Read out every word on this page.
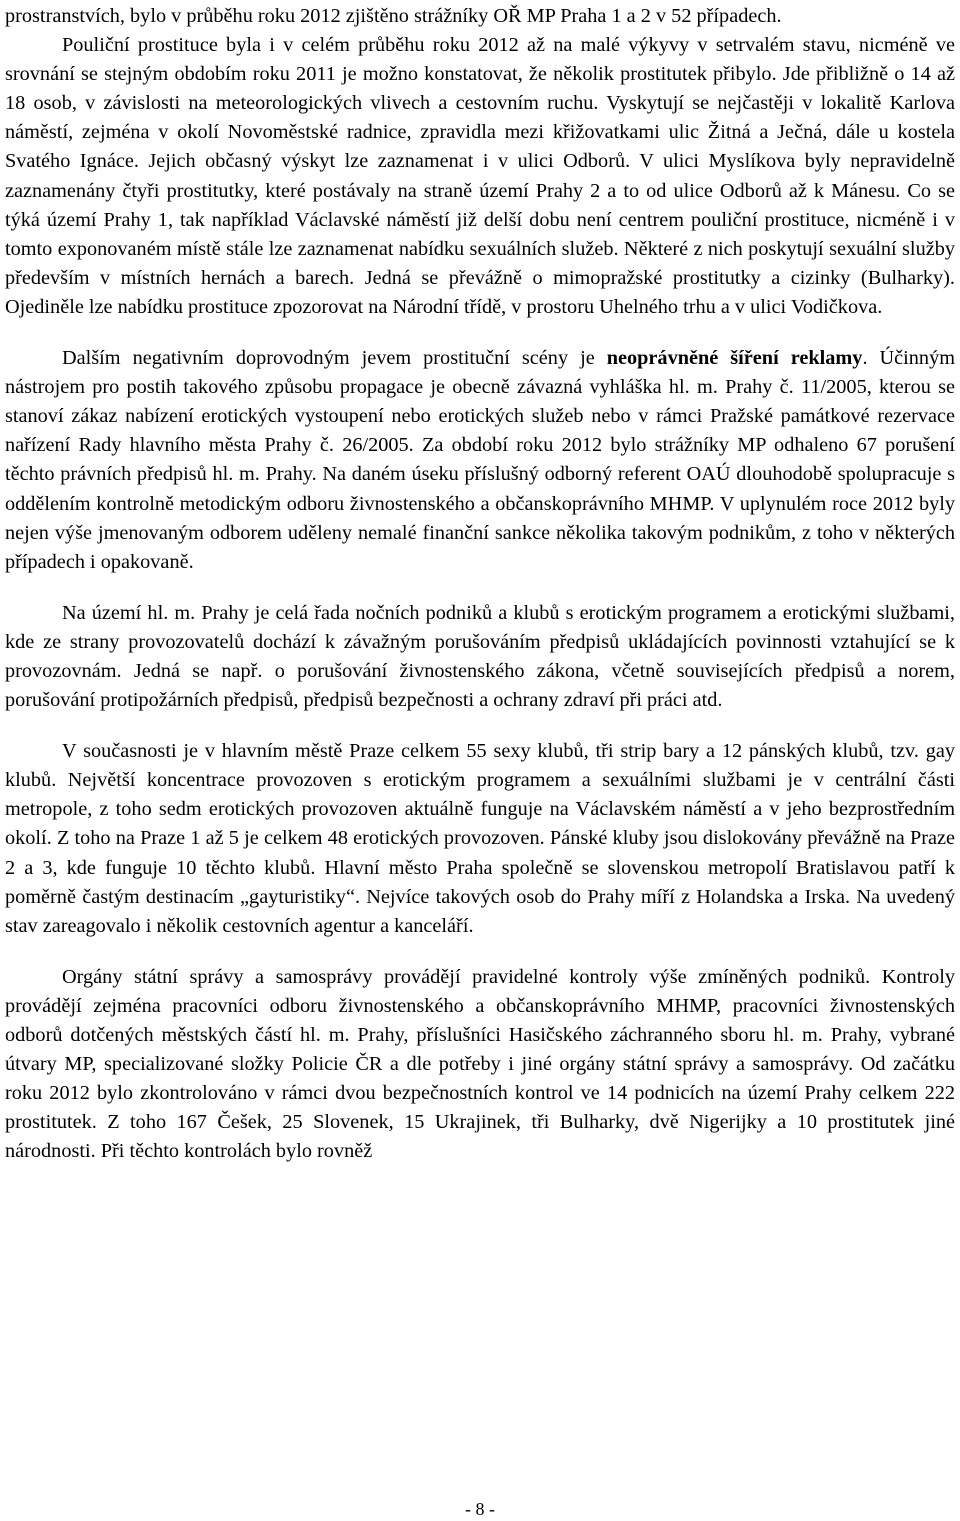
prostranstvích, bylo v průběhu roku 2012 zjištěno strážníky OŘ MP Praha 1 a 2 v 52 případech.

Pouliční prostituce byla i v celém průběhu roku 2012 až na malé výkyvy v setrvalém stavu, nicméně ve srovnání se stejným obdobím roku 2011 je možno konstatovat, že několik prostitutek přibylo. Jde přibližně o 14 až 18 osob, v závislosti na meteorologických vlivech a cestovním ruchu. Vyskytují se nejčastěji v lokalitě Karlova náměstí, zejména v okolí Novoměstské radnice, zpravidla mezi křižovatkami ulic Žitná a Ječná, dále u kostela Svatého Ignáce. Jejich občasný výskyt lze zaznamenat i v ulici Odborů. V ulici Myslíkova byly nepravidelně zaznamenány čtyři prostitutky, které postávaly na straně území Prahy 2 a to od ulice Odborů až k Mánesu. Co se týká území Prahy 1, tak například Václavské náměstí již delší dobu není centrem pouliční prostituce, nicméně i v tomto exponovaném místě stále lze zaznamenat nabídku sexuálních služeb. Některé z nich poskytují sexuální služby především v místních hernách a barech. Jedná se převážně o mimopražské prostitutky a cizinky (Bulharky). Ojediněle lze nabídku prostituce zpozorovat na Národní třídě, v prostoru Uhelného trhu a v ulici Vodičkova.

Dalším negativním doprovodným jevem prostituční scény je neoprávněné šíření reklamy. Účinným nástrojem pro postih takového způsobu propagace je obecně závazná vyhláška hl. m. Prahy č. 11/2005, kterou se stanoví zákaz nabízení erotických vystoupení nebo erotických služeb nebo v rámci Pražské památkové rezervace nařízení Rady hlavního města Prahy č. 26/2005. Za období roku 2012 bylo strážníky MP odhaleno 67 porušení těchto právních předpisů hl. m. Prahy. Na daném úseku příslušný odborný referent OAÚ dlouhodobě spolupracuje s oddělením kontrolně metodickým odboru živnostenského a občanskoprávního MHMP. V uplynulém roce 2012 byly nejen výše jmenovaným odborem uděleny nemalé finanční sankce několika takovým podnikům, z toho v některých případech i opakovaně.

Na území hl. m. Prahy je celá řada nočních podniků a klubů s erotickým programem a erotickými službami, kde ze strany provozovatelů dochází k závažným porušováním předpisů ukládajících povinnosti vztahující se k provozovnám. Jedná se např. o porušování živnostenského zákona, včetně souvisejících předpisů a norem, porušování protipožárních předpisů, předpisů bezpečnosti a ochrany zdraví při práci atd.

V současnosti je v hlavním městě Praze celkem 55 sexy klubů, tři strip bary a 12 pánských klubů, tzv. gay klubů. Největší koncentrace provozoven s erotickým programem a sexuálními službami je v centrální části metropole, z toho sedm erotických provozoven aktuálně funguje na Václavském náměstí a v jeho bezprostředním okolí. Z toho na Praze 1 až 5 je celkem 48 erotických provozoven. Pánské kluby jsou dislokovány převážně na Praze 2 a 3, kde funguje 10 těchto klubů. Hlavní město Praha společně se slovenskou metropolí Bratislavou patří k poměrně častým destinacím „gayturistiky“. Nejvíce takových osob do Prahy míří z Holandska a Irska. Na uvedený stav zareagovalo i několik cestovních agentur a kanceláří.

Orgány státní správy a samosprávy provádějí pravidelné kontroly výše zmíněných podniků. Kontroly provádějí zejména pracovníci odboru živnostenského a občanskoprávního MHMP, pracovníci živnostenských odborů dotčených městských částí hl. m. Prahy, příslušníci Hasičského záchranného sboru hl. m. Prahy, vybrané útvary MP, specializované složky Policie ČR a dle potřeby i jiné orgány státní správy a samosprávy. Od začátku roku 2012 bylo zkontrolováno v rámci dvou bezpečnostních kontrol ve 14 podnicích na území Prahy celkem 222 prostitutek. Z toho 167 Češek, 25 Slovenek, 15 Ukrajinek, tři Bulharky, dvě Nigerijky a 10 prostitutek jiné národnosti. Při těchto kontrolách bylo rovněž

- 8 -
